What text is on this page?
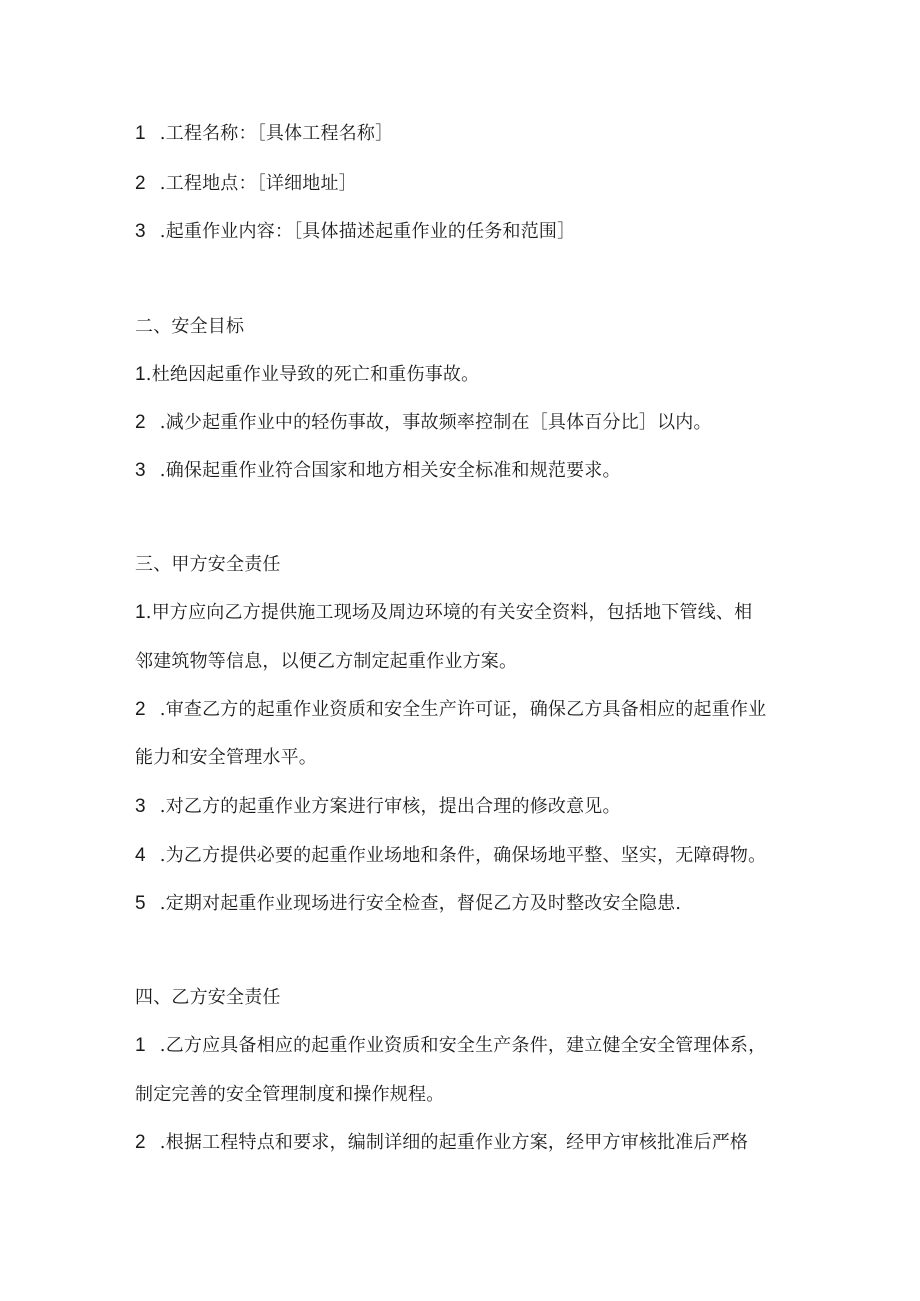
1 .工程名称：［具体工程名称］
2 .工程地点：［详细地址］
3 .起重作业内容：［具体描述起重作业的任务和范围］
二、安全目标
1.杜绝因起重作业导致的死亡和重伤事故。
2 .减少起重作业中的轻伤事故，事故频率控制在［具体百分比］以内。
3 .确保起重作业符合国家和地方相关安全标准和规范要求。
三、甲方安全责任
1.甲方应向乙方提供施工现场及周边环境的有关安全资料，包括地下管线、相
邻建筑物等信息，以便乙方制定起重作业方案。
2 .审查乙方的起重作业资质和安全生产许可证，确保乙方具备相应的起重作业
能力和安全管理水平。
3 .对乙方的起重作业方案进行审核，提出合理的修改意见。
4 .为乙方提供必要的起重作业场地和条件，确保场地平整、坚实，无障碍物。
5 .定期对起重作业现场进行安全检查，督促乙方及时整改安全隐患.
四、乙方安全责任
1 .乙方应具备相应的起重作业资质和安全生产条件，建立健全安全管理体系，
制定完善的安全管理制度和操作规程。
2 .根据工程特点和要求，编制详细的起重作业方案，经甲方审核批准后严格
